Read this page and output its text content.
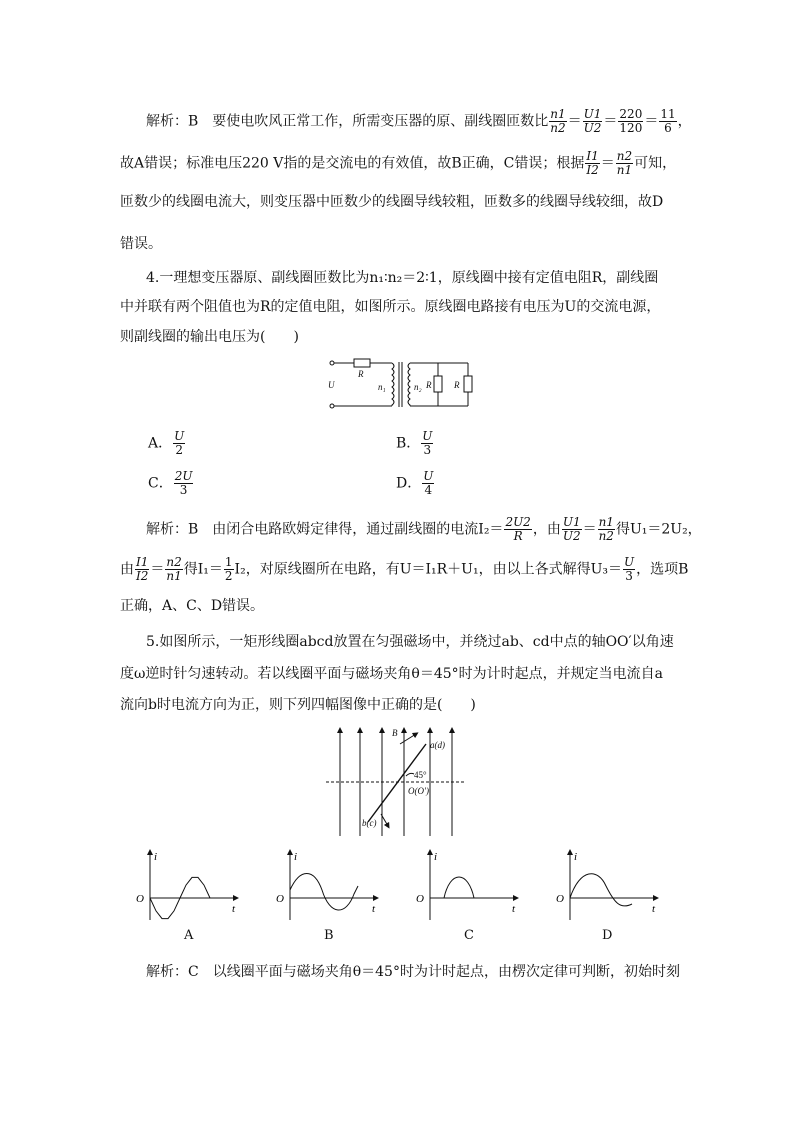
解析：B　要使电吹风正常工作，所需变压器的原、副线圈匝数比 $\frac{n1}{n2} = \frac{U1}{U2} = \frac{220}{120} = \frac{11}{6}$ ，
故A错误；标准电压220 V指的是交流电的有效值，故B正确，C错误；根据 $\frac{I1}{I2} = \frac{n2}{n1}$ 可知，
匝数少的线圈电流大，则变压器中匝数少的线圈导线较粗，匝数多的线圈导线较细，故D
错误。
4.一理想变压器原、副线圈匝数比为n₁∶n₂＝2∶1，原线圈中接有定值电阻R，副线圈
中并联有两个阻值也为R的定值电阻，如图所示。原线圈电路接有电压为U的交流电源，
则副线圈的输出电压为(　　)
U
R
n₁	n₂ R	R
A． $\frac{U}{2}$	B． $\frac{U}{3}$
C． $\frac{2U}{3}$	D． $\frac{U}{4}$
解析：B　由闭合电路欧姆定律得，通过副线圈的电流$I_2= \frac{2U2}{R}$ ，由 $\frac{U1}{U2} = \frac{n1}{n2}$ 得U₁＝2U₂，
由 $\frac{I1}{I2} = \frac{n2}{n1}$ 得$I_1= \frac{1}{2} I_2$，对原线圈所在电路，有U＝I₁R＋U₁，由以上各式解得$U_3= \frac{U}{3}$ ，选项B
正确，A、C、D错误。
5.如图所示，一矩形线圈abcd放置在匀强磁场中，并绕过ab、cd中点的轴OO′以角速
度ω逆时针匀速转动。若以线圈平面与磁场夹角θ＝45°时为计时起点，并规定当电流自a
流向b时电流方向为正，则下列四幅图像中正确的是(　　)
B
a(d)
b(c)
O(O′)
45°
O
i
t
A
O
i
t
B
O
i
t
C
O
i
t
D
解析：C　以线圈平面与磁场夹角θ＝45°时为计时起点，由楞次定律可判断，初始时刻
